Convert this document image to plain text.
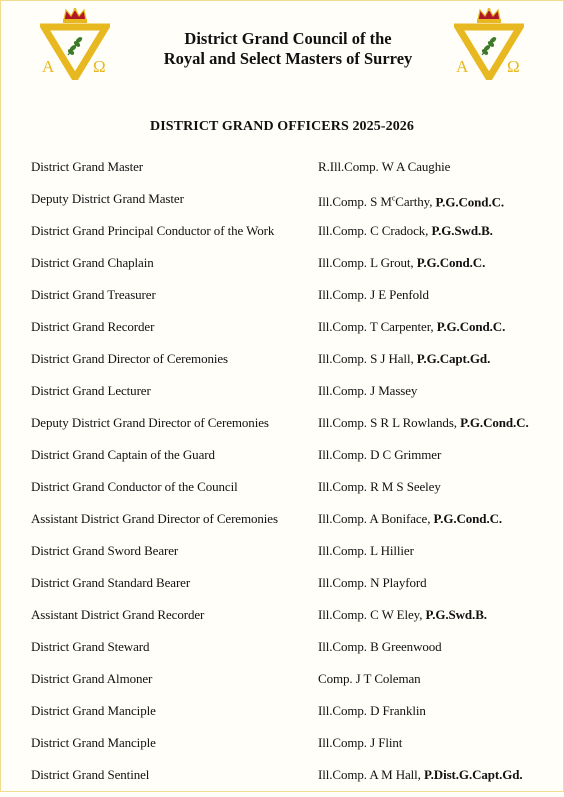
A Ω	A Ω
District Grand Council of the
Royal and Select Masters of Surrey
DISTRICT GRAND OFFICERS 2025-2026
District Grand Master	R.Ill.Comp. W A Caughie
Deputy District Grand Master	Ill.Comp. S $M^cCarthy$, P.G.Cond.C.
District Grand Principal Conductor of the Work	Ill.Comp. C Cradock, P.G.Swd.B.
District Grand Chaplain	Ill.Comp. L Grout, P.G.Cond.C.
District Grand Treasurer	Ill.Comp. J E Penfold
District Grand Recorder	Ill.Comp. T Carpenter, P.G.Cond.C.
District Grand Director of Ceremonies	Ill.Comp. S J Hall, P.G.Capt.Gd.
District Grand Lecturer	Ill.Comp. J Massey
Deputy District Grand Director of Ceremonies	Ill.Comp. S R L Rowlands, P.G.Cond.C.
District Grand Captain of the Guard	Ill.Comp. D C Grimmer
District Grand Conductor of the Council	Ill.Comp. R M S Seeley
Assistant District Grand Director of Ceremonies	Ill.Comp. A Boniface, P.G.Cond.C.
District Grand Sword Bearer	Ill.Comp. L Hillier
District Grand Standard Bearer	Ill.Comp. N Playford
Assistant District Grand Recorder	Ill.Comp. C W Eley, P.G.Swd.B.
District Grand Steward	Ill.Comp. B Greenwood
District Grand Almoner	Comp. J T Coleman
District Grand Manciple	Ill.Comp. D Franklin
District Grand Manciple	Ill.Comp. J Flint
District Grand Sentinel	Ill.Comp. A M Hall, P.Dist.G.Capt.Gd.
